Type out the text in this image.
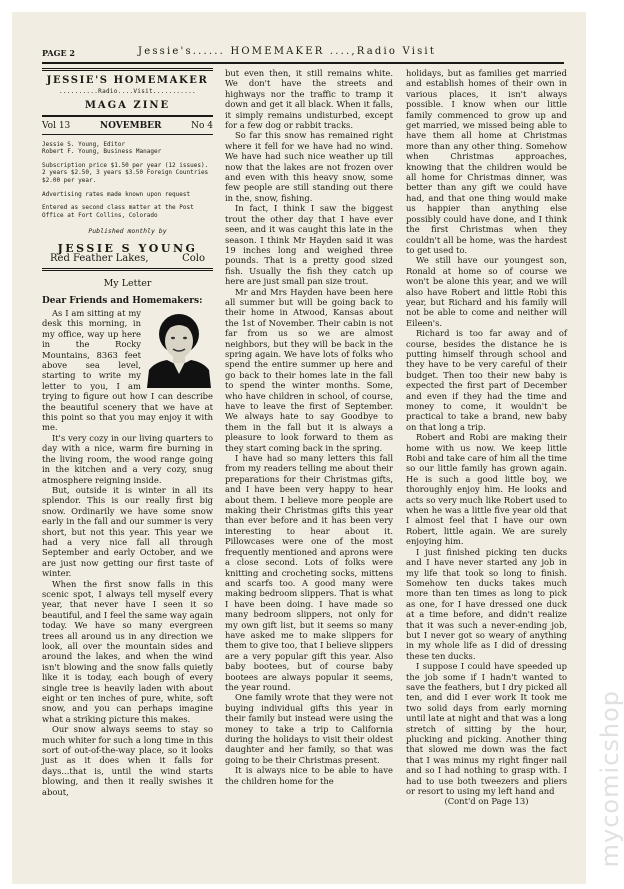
PAGE 2	Jessie's...... HOMEMAKER ....,Radio Visit
JESSIE'S HOMEMAKER
..........Radio....Visit...........
MAGA ZINE
Vol 13	NOVEMBER	No 4

Jessie S. Young, Editor
Robert F. Young, Business Manager

Subscription price $1.50 per year (12 issues). 2 years $2.50, 3 years $3.50 Foreign Countries $2.00 per year.

Advertising rates made known upon request

Entered as second class matter at the Post Office at Fort Collins, Colorado

Published monthly by
JESSIE S YOUNG
Red Feather Lakes,	Colo
My Letter
Dear Friends and Homemakers:

As I am sitting at my desk this morning, in my office, way up here in the Rocky Mountains, 8363 feet above sea level, starting to write my letter to you, I am trying to figure out how I can describe the beautiful scenery that we have at this point so that you may enjoy it with me.

It's very cozy in our living quarters to day with a nice, warm fire burning in the living room, the wood range going in the kitchen and a very cozy, snug atmosphere reigning inside.

But, outside it is winter in all its splendor. This is our really first big snow. Ordinarily we have some snow early in the fall and our summer is very short, but not this year. This year we had a very nice fall all through September and early October, and we are just now getting our first taste of winter.

When the first snow falls in this scenic spot, I always tell myself every year, that never have I seen it so beautiful, and I feel the same way again today. We have so many evergreen trees all around us in any direction we look, all over the mountain sides and around the lakes, and when the wind isn't blowing and the snow falls quietly like it is today, each bough of every single tree is heavily laden with about eight or ten inches of pure, white, soft snow, and you can perhaps imagine what a striking picture this makes.

Our snow always seems to stay so much whiter for such a long time in this sort of out-of-the-way place, so it looks just as it does when it falls for days...that is, until the wind starts blowing, and then it really swishes it about,

but even then, it still remains white. We don't have the streets and highways nor the traffic to tramp it down and get it all black. When it falls, it simply remains undisturbed, except for a few dog or rabbit tracks.

So far this snow has remained right where it fell for we have had no wind. We have had such nice weather up till now that the lakes are not frozen over and even with this heavy snow, some few people are still standing out there in the, snow, fishing.

In fact, I think I saw the biggest trout the other day that I have ever seen, and it was caught this late in the season. I think Mr Hayden said it was 19 inches long and weighed three pounds. That is a pretty good sized fish. Usually the fish they catch up here are just small pan size trout.

Mr and Mrs Hayden have been here all summer but will be going back to their home in Atwood, Kansas about the 1st of November. Their cabin is not far from us so we are almost neighbors, but they will be back in the spring again. We have lots of folks who spend the entire summer up here and go back to their homes late in the fall to spend the winter months. Some, who have children in school, of course, have to leave the first of September. We always hate to say Goodbye to them in the fall but it is always a pleasure to look forward to them as they start coming back in the spring.

I have had so many letters this fall from my readers telling me about their preparations for their Christmas gifts, and I have been very happy to hear about them. I believe more people are making their Christmas gifts this year than ever before and it has been very interesting to hear about it. Pillowcases were one of the most frequently mentioned and aprons were a close second. Lots of folks were knitting and crocheting socks, mittens and scarfs too. A good many were making bedroom slippers. That is what I have been doing. I have made so many bedroom slippers, not only for my own gift list, but it seems so many have asked me to make slippers for them to give too, that I believe slippers are a very popular gift this year. Also baby bootees, but of course baby bootees are always popular it seems, the year round.

One family wrote that they were not buying individual gifts this year in their family but instead were using the money to take a trip to California during the holidays to visit their oldest daughter and her family, so that was going to be their Christmas present.

It is always nice to be able to have the children home for the

holidays, but as families get married and establish homes of their own in various places, it isn't always possible. I know when our little family commenced to grow up and get married, we missed being able to have them all home at Christmas more than any other thing. Somehow when Christmas approaches, knowing that the children would be all home for Christmas dinner, was better than any gift we could have had, and that one thing would make us happier than anything else possibly could have done, and I think the first Christmas when they couldn't all be home, was the hardest to get used to.

We still have our youngest son, Ronald at home so of course we won't be alone this year, and we will also have Robert and little Robi this year, but Richard and his family will not be able to come and neither will Eileen's.

Richard is too far away and of course, besides the distance he is putting himself through school and they have to be very careful of their budget. Then too their new baby is expected the first part of December and even if they had the time and money to come, it wouldn't be practical to take a brand, new baby on that long a trip.

Robert and Robi are making their home with us now. We keep little Robi and take care of him all the time so our little family has grown again. He is such a good little boy, we thoroughly enjoy him. He looks and acts so very much like Robert used to when he was a little five year old that I almost feel that I have our own Robert, little again. We are surely enjoying him.

I just finished picking ten ducks and I have never started any job in my life that took so long to finish. Somehow ten ducks takes much more than ten times as long to pick as one, for I have dressed one duck at a time before, and didn't realize that it was such a never-ending job, but I never got so weary of anything in my whole life as I did of dressing these ten ducks.

I suppose I could have speeded up the job some if I hadn't wanted to save the feathers, but I dry picked all ten, and did I ever work It took me two solid days from early morning until late at night and that was a long stretch of sitting by the hour, plucking and picking. Another thing that slowed me down was the fact that I was minus my right finger nail and so I had nothing to grasp with. I had to use both tweezers and pliers or resort to using my left hand and

(Cont'd on Page 13)	mycomicshop
